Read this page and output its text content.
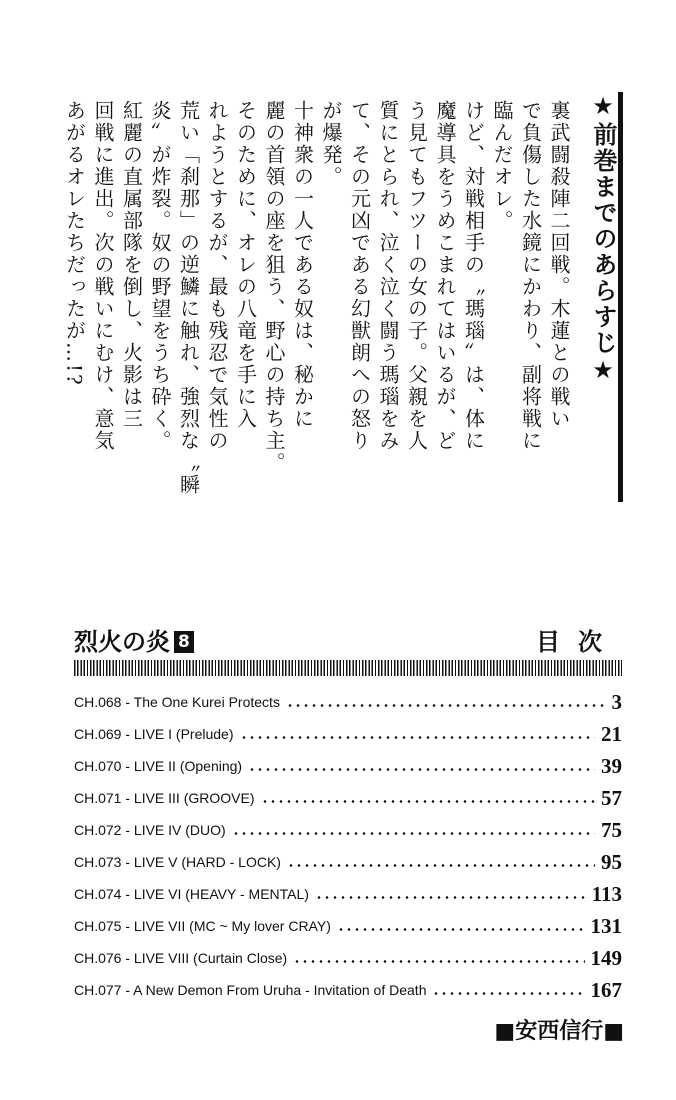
★前巻までのあらすじ★
裏武闘殺陣二回戦。木蓮との戦い
で負傷した水鏡にかわり、副将戦に
臨んだオレ。
けど、対戦相手の〝瑪瑙〟は、体に
魔導具をうめこまれてはいるが、ど
う見てもフツーの女の子。父親を人
質にとられ、泣く泣く闘う瑪瑙をみ
て、その元凶である幻獣朗への怒り
が爆発。
十神衆の一人である奴は、秘かに
麗の首領の座を狙う、野心の持ち主。
そのために、オレの八竜を手に入
れようとするが、最も残忍で気性の
荒い「刹那」の逆鱗に触れ、強烈な〝瞬
炎〟が炸裂。奴の野望をうち砕く。
紅麗の直属部隊を倒し、火影は三
回戦に進出。次の戦いにむけ、意気
あがるオレたちだったが…!?
烈火の炎 8	目次
CH.068 - The One Kurei Protects	3
CH.069 - LIVE I (Prelude)	21
CH.070 - LIVE II (Opening)	39
CH.071 - LIVE III (GROOVE)	57
CH.072 - LIVE IV (DUO)	75
CH.073 - LIVE V (HARD - LOCK)	95
CH.074 - LIVE VI (HEAVY - MENTAL)	113
CH.075 - LIVE VII (MC ~ My lover CRAY)	131
CH.076 - LIVE VIII (Curtain Close)	149
CH.077 - A New Demon From Uruha - Invitation of Death	167
■安西信行■
